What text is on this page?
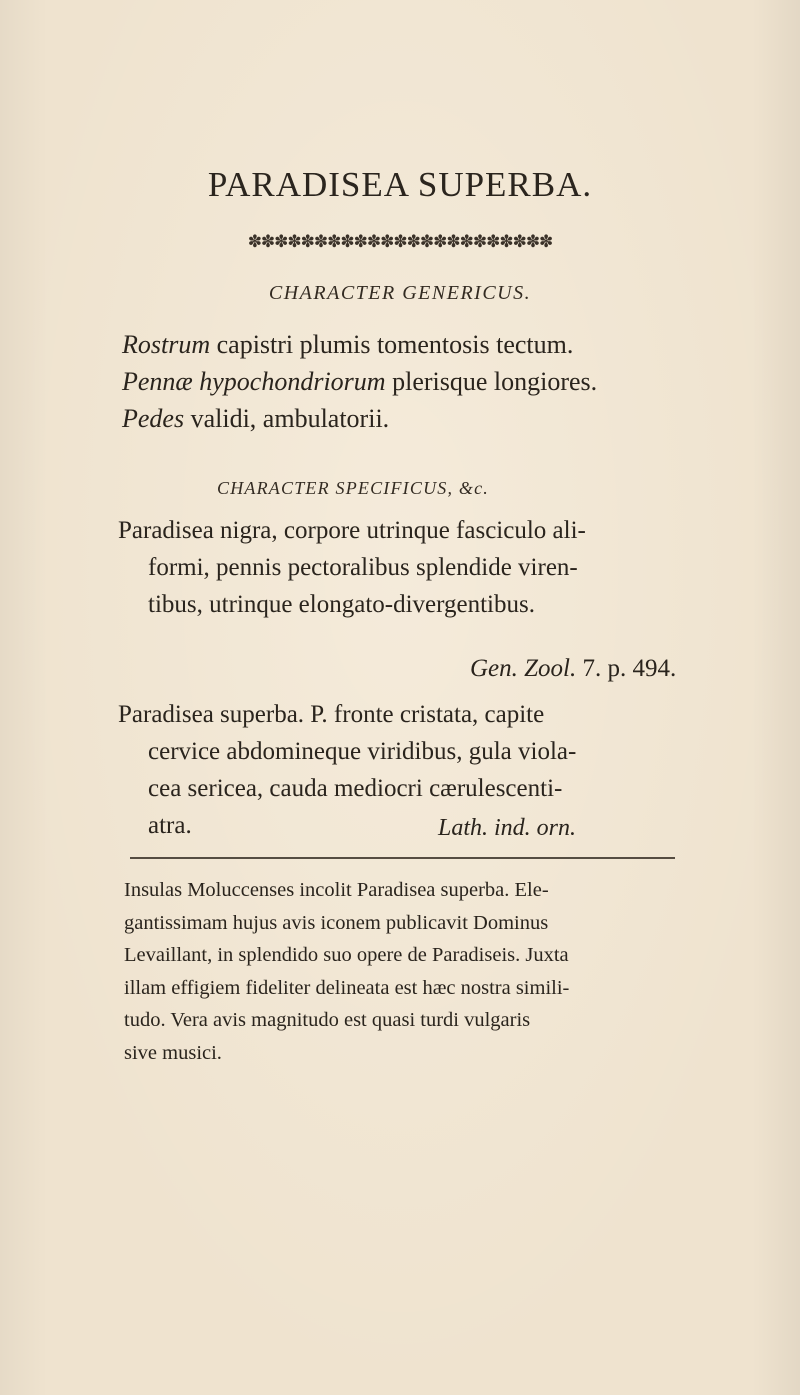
PARADISEA SUPERBA.
✽✽✽✽✽✽✽✽✽✽✽✽✽✽✽✽✽✽✽✽✽✽✽
CHARACTER GENERICUS.
Rostrum capistri plumis tomentosis tectum.
Pennæ hypochondriorum plerisque longiores.
Pedes validi, ambulatorii.
CHARACTER SPECIFICUS, &c.
Paradisea nigra, corpore utrinque fasciculo ali-
formi, pennis pectoralibus splendide viren-
tibus, utrinque elongato-divergentibus.
Gen. Zool. 7. p. 494.
Paradisea superba. P. fronte cristata, capite
cervice abdomineque viridibus, gula viola-
cea sericea, cauda mediocri cærulescenti-
atra.	Lath. ind. orn.
Insulas Moluccenses incolit Paradisea superba. Ele-
gantissimam hujus avis iconem publicavit Dominus
Levaillant, in splendido suo opere de Paradiseis. Juxta
illam effigiem fideliter delineata est hæc nostra simili-
tudo. Vera avis magnitudo est quasi turdi vulgaris
sive musici.
